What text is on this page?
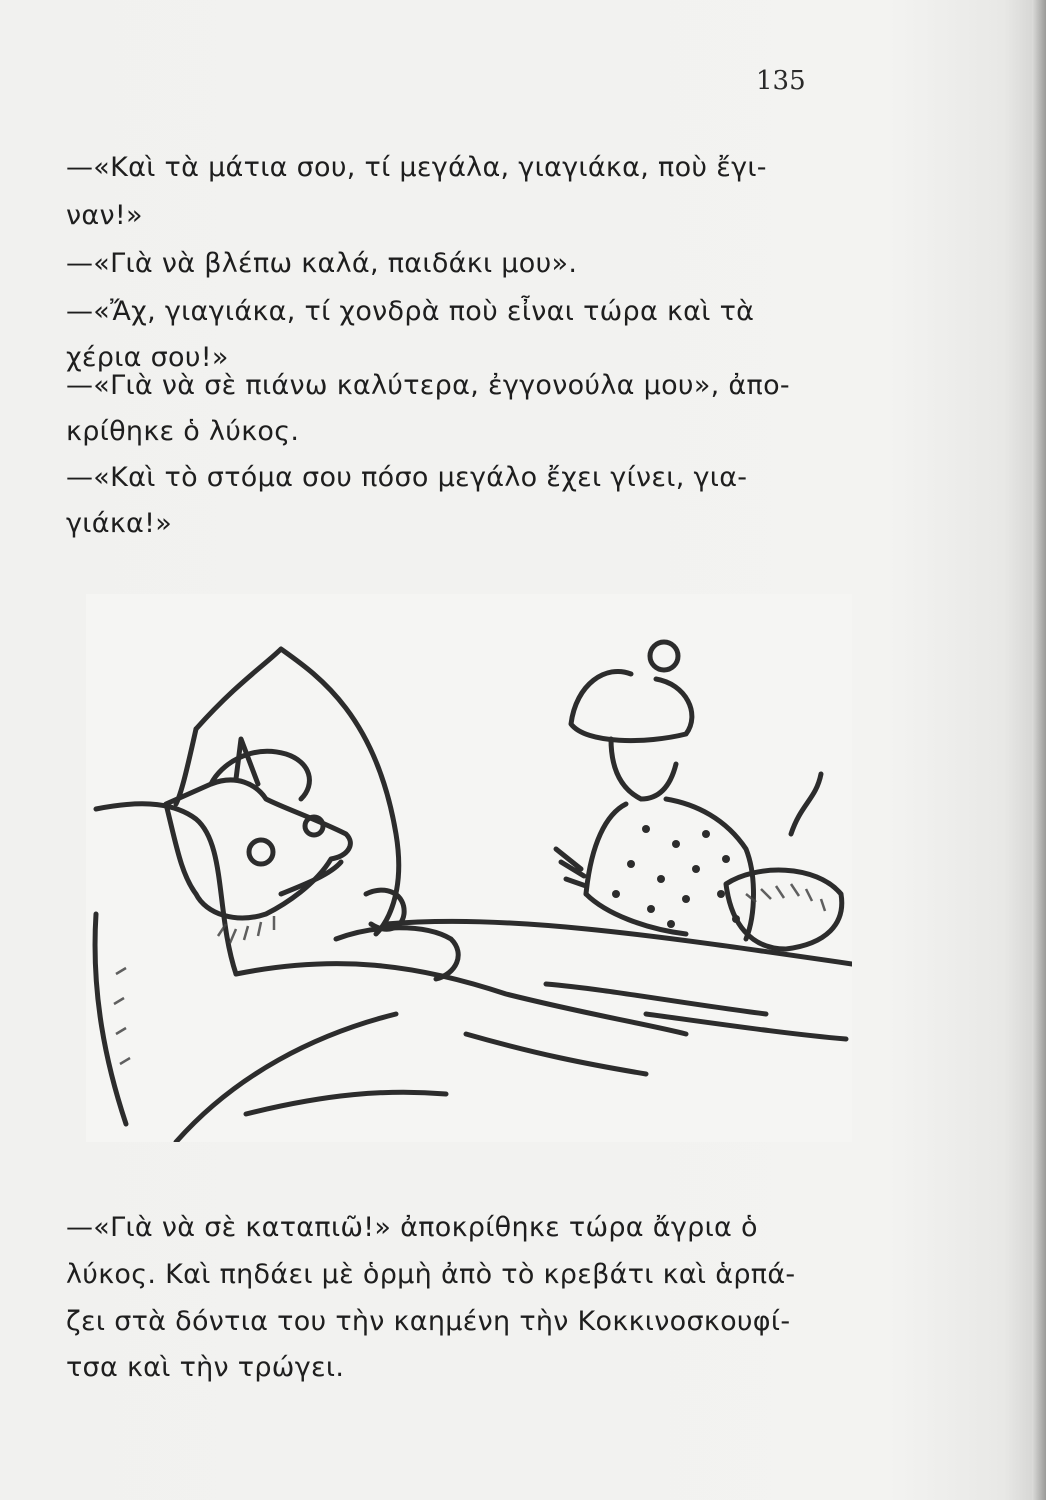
135
—«Καὶ τὰ μάτια σου, τί μεγάλα, γιαγιάκα, ποὺ ἔγι-
ναν!»
—«Γιὰ νὰ βλέπω καλά, παιδάκι μου».
—«Ἄχ, γιαγιάκα, τί χονδρὰ ποὺ εἶναι τώρα καὶ τὰ
χέρια σου!»
—«Γιὰ νὰ σὲ πιάνω καλύτερα, ἐγγονούλα μου», ἀπο-
κρίθηκε ὁ λύκος.
—«Καὶ τὸ στόμα σου πόσο μεγάλο ἔχει γίνει, για-
γιάκα!»
—«Γιὰ νὰ σὲ καταπιῶ!» ἀποκρίθηκε τώρα ἄγρια ὁ
λύκος. Καὶ πηδάει μὲ ὁρμὴ ἀπὸ τὸ κρεβάτι καὶ ἁρπά-
ζει στὰ δόντια του τὴν καημένη τὴν Κοκκινοσκουφί-
τσα καὶ τὴν τρώγει.
